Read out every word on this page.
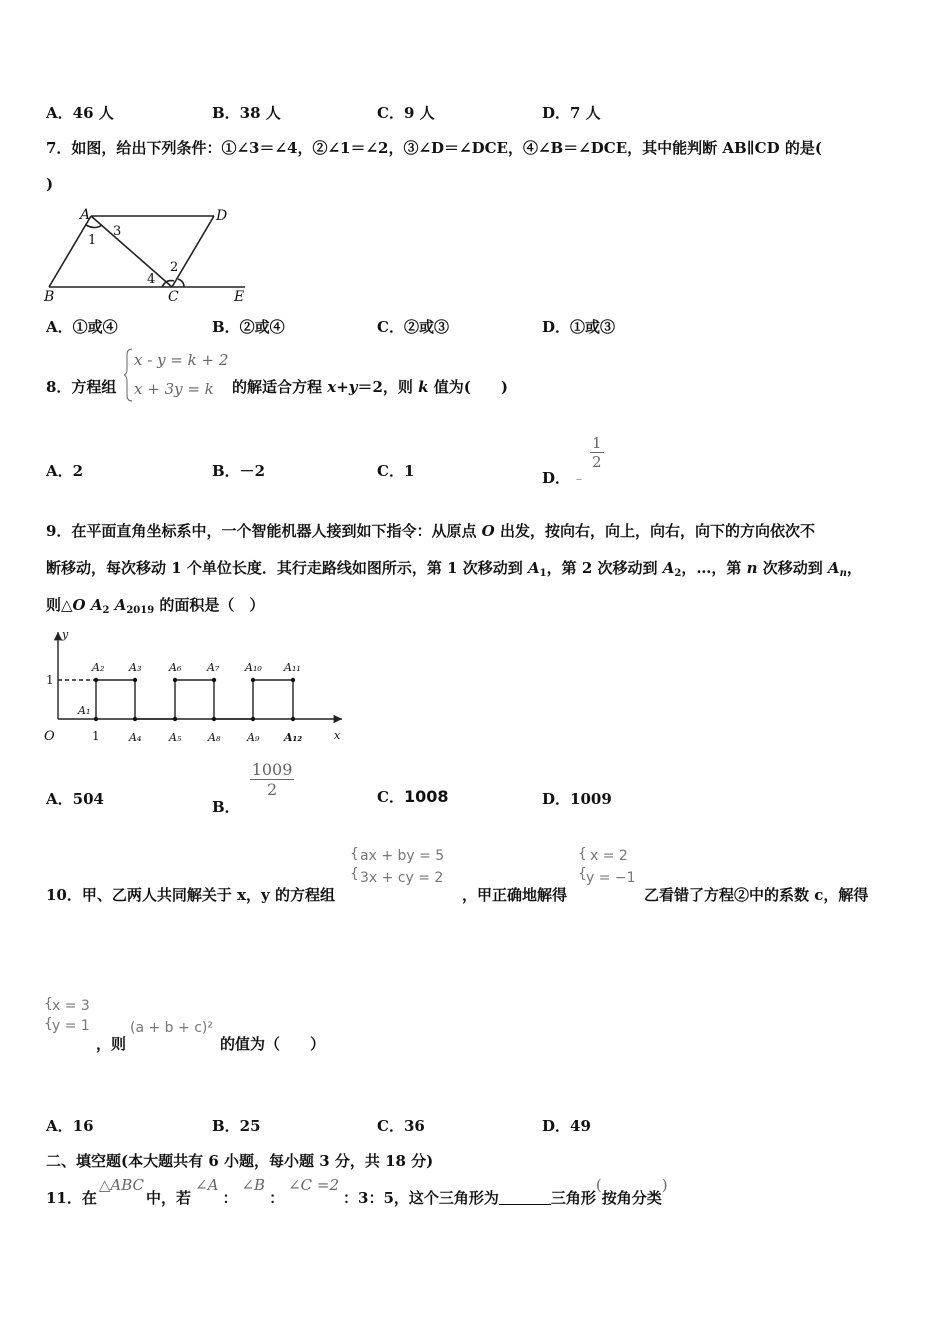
A．46 人	B．38 人	C．9 人	D．7 人
7．如图，给出下列条件：①∠3＝∠4，②∠1＝∠2，③∠D＝∠DCE，④∠B＝∠DCE，其中能判断 AB∥CD 的是(
)
A	D
B	C	E
1
3
2
4
A．①或④	B．②或④	C．②或③	D．①或③
8．方程组
x - y = k + 2
x + 3y = k 的解适合方程 x+y＝2，则 k 值为(　　)
A．2	B．－2	C．1	D． ﹣
$\frac{1}{2}$
9．在平面直角坐标系中，一个智能机器人接到如下指令：从原点 O 出发，按向右，向上，向右，向下的方向依次不
断移动，每次移动 1 个单位长度．其行走路线如图所示，第 1 次移动到 $A_1$，第 2 次移动到 $A_2$，…，第 n 次移动到 $A_n$，
则△O $A_2$ $A_{2019}$ 的面积是（　）
y
x
O
A₁
A₂ A₃
A₄	A₅
A₆ A₇
A₈ A₉
A₁₀ A₁₁
A₁₂
1
1
A．504	B．
$\frac{1009}{2}$	C．1008	D．1009
10．甲、乙两人共同解关于 x，y 的方程组
{
{
ax + by = 5
3x + cy = 2
，甲正确地解得
{
{
x = 2
y = −1
乙看错了方程②中的系数 c，解得
{
{
x = 3
y = 1
，则
(a + b + c)²
的值为（　　）
A．16	B．25	C．36	D．49
二、填空题(本大题共有 6 小题，每小题 3 分，共 18 分)
11．在△ABC中，若∠A：∠B：∠C =2：3：5，这个三角形为	三角形(按角分类)
